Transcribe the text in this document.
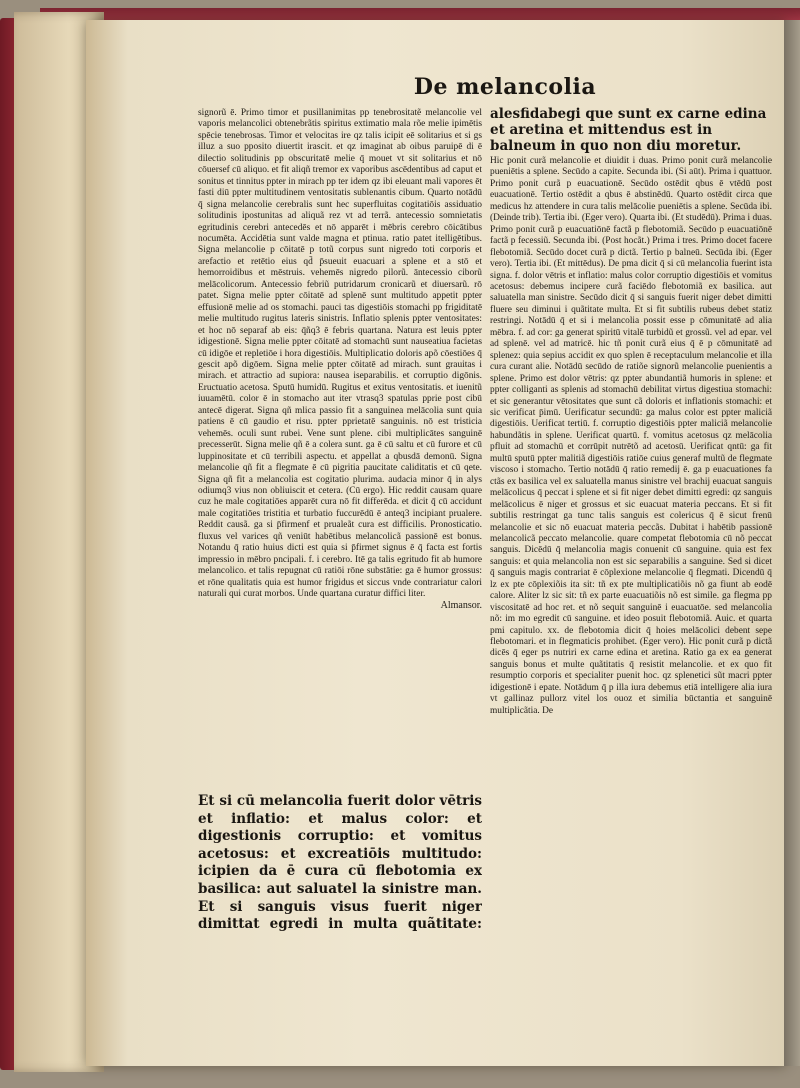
De melancolia

signorũ ē. Primo timor et pusillanimitas pp tenebrositatẽ melancolie vel vaporis melancolici obtenebrãtis spiritus extimatio mala rõe melie ipimētis spēcie tenebrosas. Timor et velocitas ire qz talis icipit eē solitarius et si gs illuz a suo pposito diuertit irascit. et qz imaginat ab oibus paruipē di ē dilectio solitudinis pp obscuritatē melie q̄ mouet vt sit solitarius et nō cōuersef cū aliquo. et fit aliqñ tremor ex vaporibus ascēdentibus ad caput et sonitus et tinnitus ppter in mirach pp ter idem qz ibi eleuant mali vapores ēt fasti diū ppter multitudinem ventositatis sublenantis cibum. Quarto notādū q̄ signa melancolie cerebralis sunt hec superfluitas cogitatiōis assiduatio solitudinis ipostunitas ad aliquã rez vt ad terrã. antecessio somnietatis egritudinis cerebri antecedēs et nō apparēt i mēbris cerebro cōicātibus nocumēta. Accidētia sunt valde magna et ptinua. ratio patet itelligētibus. Signa melancolie p cōitatē p totũ corpus sunt nigredo toti corporis et arefactio et retētio eius qd̄ p̄sueuit euacuari a splene et a stō et hemorroidibus et mēstruis. vehemēs nigredo pilorũ. āntecessio ciborũ melācolicorum. Antecessio febriũ putridarum cronicarũ et diuersarũ. rō patet. Signa melie ppter cōitatē ad splenē sunt multitudo appetit ppter effusionē melie ad os stomachi. pauci tas digestiōis stomachi pp frigiditatē melie multitudo rugitus lateris sinistris. Inflatio splenis ppter ventositates: et hoc nō separaf ab eis: q̄ñq3 ē febris quartana. Natura est leuis ppter idigestionē. Signa melie ppter cōitatē ad stomachū sunt nauseatiua facietas cū idigōe et repletiōe i hora digestiōis. Multiplicatio doloris apõ cōestiōes q̄ gescit apõ digōem. Signa melie ppter cōitatē ad mirach. sunt grauitas i mirach. et attractio ad supiora: nausea iseparabilis. et corruptio digōnis. Eructuatio acetosa. Sputū humidū. Rugitus et exitus ventositatis. et iuenitũ iuuamētū. color ē in stomacho aut iter vtrasq3 spatulas pprie post cibū antecē digerat. Signa qñ mlica passio fit a sanguinea melācolia sunt quia patiens ē cū gaudio et risu. ppter pprietatē sanguinis. nō est tristicia vehemēs. oculi sunt rubei. Vene sunt plene. cibi multiplicātes sanguinē precesserūt. Signa melie qñ ē a colera sunt. ga ē cū saltu et cū furore et cū luppinositate et cū terribili aspectu. et appellat a qbusdā demonū. Signa melancolie qñ fit a flegmate ē cū pigritia paucitate caliditatis et cū qete. Signa qñ fit a melancolia est cogitatio plurima. audacia minor q̄ in alys odiumq3 vius non obliuiscit et cetera. (Cū ergo). Hic reddit causam quare cuz he male cogitatiōes apparēt cura nō fit differēda. et dicit q̄ cū accidunt male cogitatiōes tristitia et turbatio fuccurēdū ē anteq3 incipiant prualere. Reddit causã. ga si p̄firmenf et prualeãt cura est difficilis. Pronosticatio. fluxus vel varices qñ veniūt habētibus melancolicã passionē est bonus. Notandu q̄ ratio huius dicti est quia si p̄firmet signus ē q̄ facta est fortis impressio in mēbro pncipali. f. i cerebro. Itē ga talis egritudo fit ab humore melancolico. et talis repugnat cū ratiōi rōne substātie: ga ē humor grossus: et rōne qualitatis quia est humor frigidus et siccus vnde contrariatur calori naturali qui curat morbos. Unde quartana curatur diffici liter.

Almansor.

Et si cū melancolia fuerit dolor vētris et inflatio: et malus color: et digestionis corruptio: et vomitus acetosus: et excreatiōis multitudo: icipien da ē cura cū flebotomia ex basilica: aut saluatel la sinistre man. Et si sanguis visus fuerit niger dimittat egredi in multa quãtitate:
alesfidabegi que sunt ex carne edina et aretina et mittendus est in balneum in quo non diu moretur.

Hic ponit curã melancolie et diuidit i duas. Primo ponit curã melancolie pueniētis a splene. Secūdo a capite. Secunda ibi. (Si aūt). Prima i quattuor. Primo ponit curã p euacuationē. Secūdo ostēdit qbus ē vtēdū post euacuationē. Tertio ostēdit a qbus ē abstinēdū. Quarto ostēdit circa que medicus hz attendere in cura talis melācolie pueniētis a splene. Secūda ibi. (Deinde trib). Tertia ibi. (Eger vero). Quarta ibi. (Et studēdū). Prima i duas. Primo ponit curã p euacuatiōnē factã p flebotomiã. Secūdo p euacuatiōnē factã p fecessiũ. Secunda ibi. (Post hocãt.) Prima i tres. Primo docet facere flebotomiã. Secūdo docet curã p dictã. Tertio p balneū. Secūda ibi. (Eger vero). Tertia ibi. (Et mittēdus). De pma dicit q̄ si cū melancolia fuerint ista signa. f. dolor vētris et inflatio: malus color corruptio digestiōis et vomitus acetosus: debemus incipere curã faciēdo flebotomiã ex basilica. aut saluatella man sinistre. Secūdo dicit q̄ si sanguis fuerit niger debet dimitti fluere seu diminui i quãtitate multa. Et si fit subtilis rubeus debet statiz restringi. Notādū q̄ et si i melancolia possit esse p cōmunitatē ad alia mēbra. f. ad cor: ga generat spiritū vitalē turbidũ et grossũ. vel ad epar. vel ad splenē. vel ad matricē. hic tñ ponit curã eius q̄ ē p cōmunitatē ad splenez: quia sepius accidit ex quo splen ē receptaculum melancolie et illa cura curant alie. Notādū secūdo de ratiõe signorũ melancolie puenientis a splene. Primo est dolor vētris: qz ppter abundantiã humoris in splene: et ppter colliganti as splenis ad stomachū debilitat virtus digestiua stomachi: et sic generantur vētositates que sunt cã doloris et inflationis stomachi: et sic verificat p̄imū. Uerificatur secundū: ga malus color est ppter maliciã digestiōis. Uerificat tertiū. f. corruptio digestiōis ppter maliciã melancolie habundãtis in splene. Uerificat quartū. f. vomitus acetosus qz melācolia pfluit ad stomachū et corrūpit nutrētõ ad acetosū. Uerificat qntū: ga fit multū sputū ppter malitiã digestiōis ratiōe cuius generaf multũ de flegmate viscoso i stomacho. Tertio notādū q̄ ratio remedij ē. ga p euacuationes fa ctãs ex basilica vel ex saluatella manus sinistre vel brachij euacuat sanguis melācolicus q̄ peccat i splene et si fit niger debet dimitti egredi: qz sanguis melācolicus ē niger et grossus et sic euacuat materia peccans. Et si fit subtilis restringat ga tunc talis sanguis est colericus q̄ ē sicut frenū melancolie et sic nō euacuat materia peccãs. Dubitat i habētib passionē melancolicã peccato melancolie. quare competat flebotomia cū nõ peccat sanguis. Dicēdū q̄ melancolia magis conuenit cū sanguine. quia est fex sanguis: et quia melancolia non est sic separabilis a sanguine. Sed si dicet q̄ sanguis magis contrariat ē cōplexione melancolie q̄ flegmati. Dicendū q̄ lz ex pte cōplexiõis ita sit: tñ ex pte multiplicatiõis nõ ga fiunt ab eodē calore. Aliter lz sic sit: tñ ex parte euacuatiõis nõ est simile. ga flegma pp viscositatē ad hoc ret. et nõ sequit sanguinē i euacuatōe. sed melancolia nõ: im mo egredit cū sanguine. et ideo posuit flebotomiã. Auic. et quarta pmi capitulo. xx. de flebotomia dicit q̄ hoies melācolici debent sepe flebotomari. et in flegmaticis prohibet. (Eger vero). Hic ponit curã p dictã dicēs q̄ eger ps nutriri ex carne edina et aretina. Ratio ga ex ea generat sanguis bonus et multe quãtitatis q̄ resistit melancolie. et ex quo fit resumptio corporis et specialiter puenit hoc. qz splenetici sũt macri ppter idigestionē i epate. Notādum q̄ p illa iura debemus etiā intelligere alia iura vt gallinaz pullorz vitel los ouoz et similia būctantia et sanguinē multiplicãtia. De
